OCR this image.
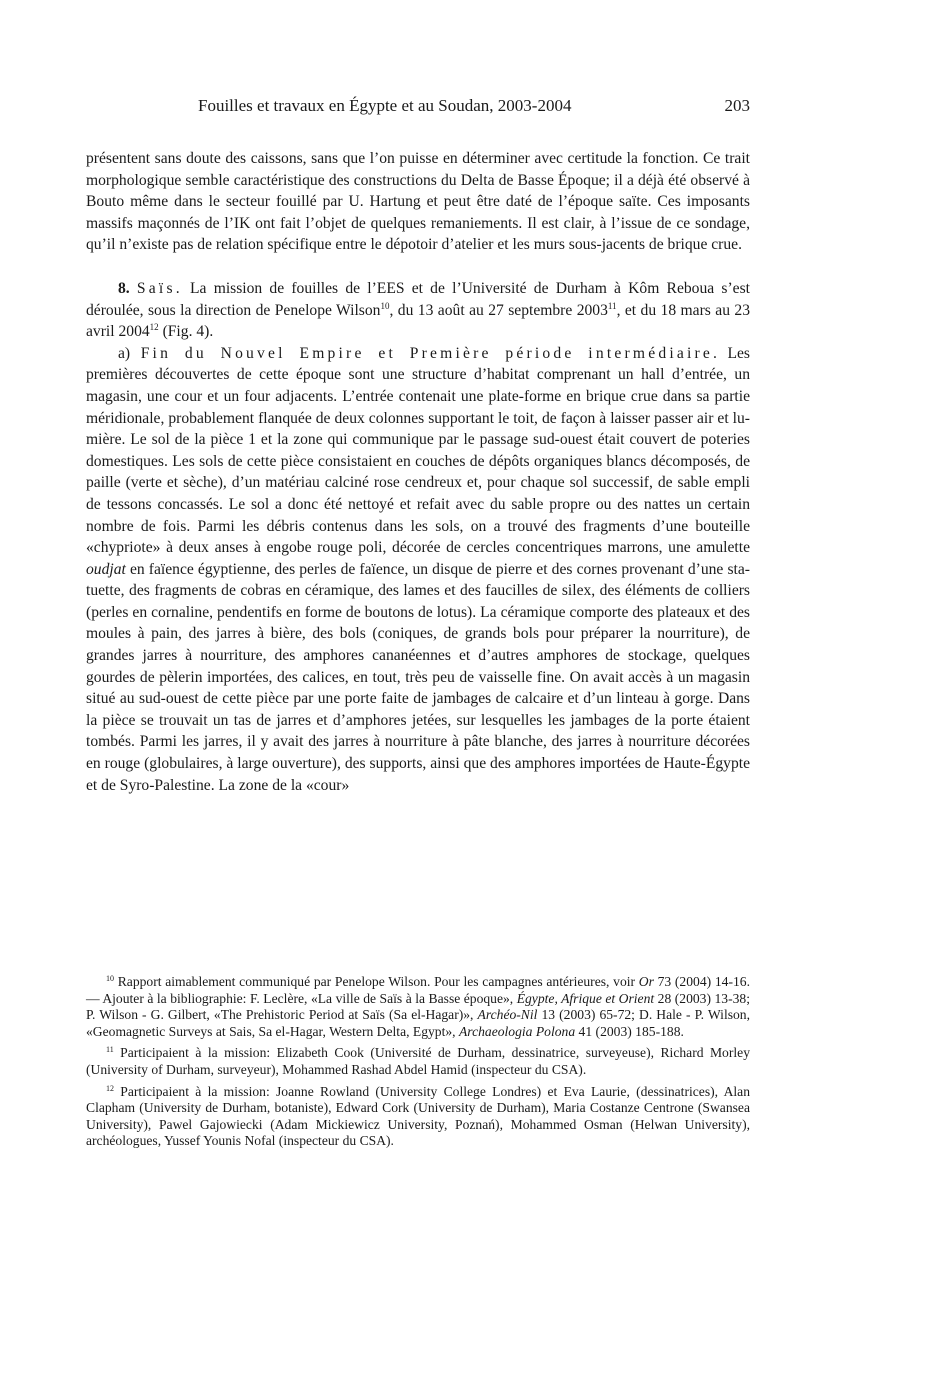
Fouilles et travaux en Égypte et au Soudan, 2003-2004	203

présentent sans doute des caissons, sans que l’on puisse en déterminer avec certitude la fonction. Ce trait morphologique semble caractéristique des constructions du Delta de Basse Époque; il a déjà été observé à Bouto même dans le secteur fouillé par U. Hartung et peut être daté de l’époque saïte. Ces imposants massifs maçonnés de l’IK ont fait l’objet de quelques remaniements. Il est clair, à l’issue de ce sondage, qu’il n’existe pas de relation spécifique entre le dépotoir d’atelier et les murs sous-jacents de brique crue.

8. Saïs. La mission de fouilles de l’EES et de l’Université de Durham à Kôm Reboua s’est déroulée, sous la direction de Penelope Wilson$^{10}$, du 13 août au 27 septembre 2003$^{11}$, et du 18 mars au 23 avril 2004$^{12}$ (Fig. 4).

a) Fin du Nouvel Empire et Première période intermédiaire. Les premières découvertes de cette époque sont une structure d’habitat comprenant un hall d’entrée, un magasin, une cour et un four adjacents. L’entrée contenait une plate-forme en brique crue dans sa partie méridionale, probablement flanquée de deux colonnes supportant le toit, de façon à laisser passer air et lumière. Le sol de la pièce 1 et la zone qui communique par le passage sud-ouest était couvert de poteries domestiques. Les sols de cette pièce consistaient en couches de dépôts organiques blancs décomposés, de paille (verte et sèche), d’un matériau calciné rose cendreux et, pour chaque sol successif, de sable empli de tessons concassés. Le sol a donc été nettoyé et refait avec du sable propre ou des nattes un certain nombre de fois. Parmi les débris contenus dans les sols, on a trouvé des fragments d’une bouteille «chypriote» à deux anses à engobe rouge poli, décorée de cercles concentriques marrons, une amulette oudjat en faïence égyptienne, des perles de faïence, un disque de pierre et des cornes provenant d’une statuette, des fragments de cobras en céramique, des lames et des faucilles de silex, des éléments de colliers (perles en cornaline, pendentifs en forme de boutons de lotus). La céramique comporte des plateaux et des moules à pain, des jarres à bière, des bols (coniques, de grands bols pour préparer la nourriture), de grandes jarres à nourriture, des amphores cananéennes et d’autres amphores de stockage, quelques gourdes de pèlerin importées, des calices, en tout, très peu de vaisselle fine. On avait accès à un magasin situé au sud-ouest de cette pièce par une porte faite de jambages de calcaire et d’un linteau à gorge. Dans la pièce se trouvait un tas de jarres et d’amphores jetées, sur lesquelles les jambages de la porte étaient tombés. Parmi les jarres, il y avait des jarres à nourriture à pâte blanche, des jarres à nourriture décorées en rouge (globulaires, à large ouverture), des supports, ainsi que des amphores importées de Haute-Égypte et de Syro-Palestine. La zone de la «cour»

$^{10}$ Rapport aimablement communiqué par Penelope Wilson. Pour les campagnes antérieures, voir Or 73 (2004) 14-16. — Ajouter à la bibliographie: F. Leclère, «La ville de Saïs à la Basse époque», Égypte, Afrique et Orient 28 (2003) 13-38; P. Wilson - G. Gilbert, «The Prehistoric Period at Saïs (Sa el-Hagar)», Archéo-Nil 13 (2003) 65-72; D. Hale - P. Wilson, «Geomagnetic Surveys at Sais, Sa el-Hagar, Western Delta, Egypt», Archaeologia Polona 41 (2003) 185-188.

$^{11}$ Participaient à la mission: Elizabeth Cook (Université de Durham, dessinatrice, surveyeuse), Richard Morley (University of Durham, surveyeur), Mohammed Rashad Abdel Hamid (inspecteur du CSA).

$^{12}$ Participaient à la mission: Joanne Rowland (University College Londres) et Eva Laurie, (dessinatrices), Alan Clapham (University de Durham, botaniste), Edward Cork (University de Durham), Maria Costanze Centrone (Swansea University), Pawel Gajowiecki (Adam Mickiewicz University, Poznań), Mohammed Osman (Helwan University), archéologues, Yussef Younis Nofal (inspecteur du CSA).
